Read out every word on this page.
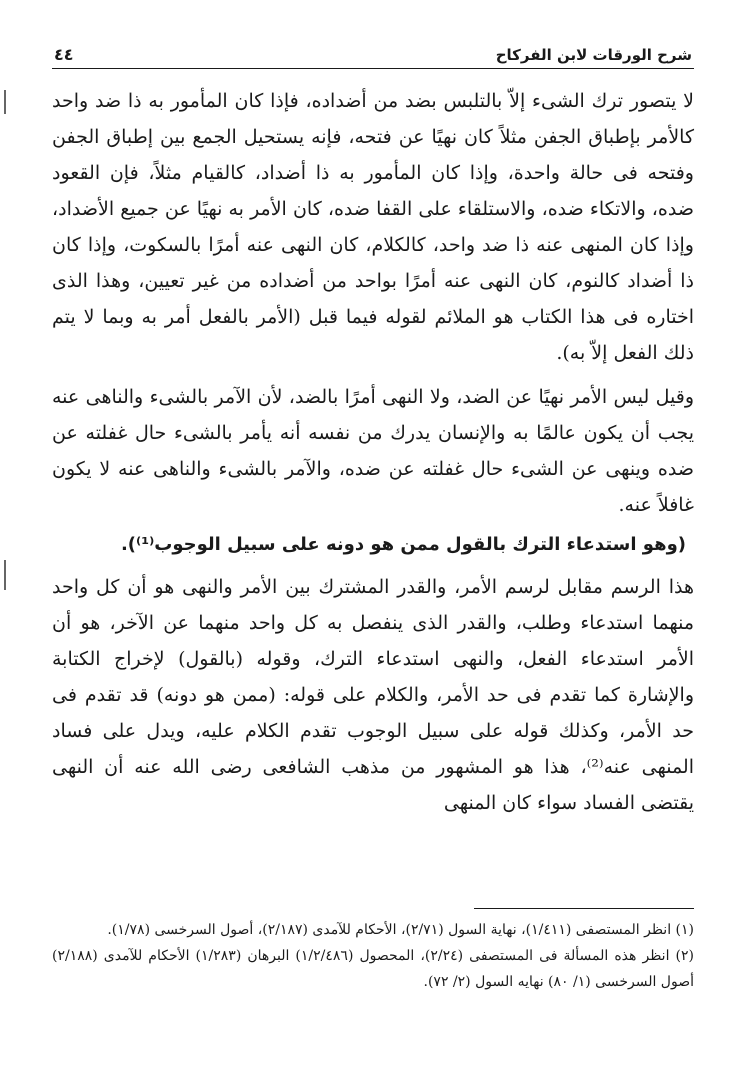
شرح الورقات لابن الفركاح
٤٤

لا يتصور ترك الشىء إلاّ بالتلبس بضد من أضداده، فإذا كان المأمور به ذا ضد واحد كالأمر بإطباق الجفن مثلاً كان نهيًا عن فتحه، فإنه يستحيل الجمع بين إطباق الجفن وفتحه فى حالة واحدة، وإذا كان المأمور به ذا أضداد، كالقيام مثلاً، فإن القعود ضده، والاتكاء ضده، والاستلقاء على القفا ضده، كان الأمر به نهيًا عن جميع الأضداد، وإذا كان المنهى عنه ذا ضد واحد، كالكلام، كان النهى عنه أمرًا بالسكوت، وإذا كان ذا أضداد كالنوم، كان النهى عنه أمرًا بواحد من أضداده من غير تعيين، وهذا الذى اختاره فى هذا الكتاب هو الملائم لقوله فيما قبل (الأمر بالفعل أمر به وبما لا يتم ذلك الفعل إلاّ به).

وقيل ليس الأمر نهيًا عن الضد، ولا النهى أمرًا بالضد، لأن الآمر بالشىء والناهى عنه يجب أن يكون عالمًا به والإنسان يدرك من نفسه أنه يأمر بالشىء حال غفلته عن ضده وينهى عن الشىء حال غفلته عن ضده، والآمر بالشىء والناهى عنه لا يكون غافلاً عنه.

(وهو استدعاء الترك بالقول ممن هو دونه على سبيل الوجوب⁽¹⁾).

هذا الرسم مقابل لرسم الأمر، والقدر المشترك بين الأمر والنهى هو أن كل واحد منهما استدعاء وطلب، والقدر الذى ينفصل به كل واحد منهما عن الآخر، هو أن الأمر استدعاء الفعل، والنهى استدعاء الترك، وقوله (بالقول) لإخراج الكتابة والإشارة كما تقدم فى حد الأمر، والكلام على قوله: (ممن هو دونه) قد تقدم فى حد الأمر، وكذلك قوله على سبيل الوجوب تقدم الكلام عليه، ويدل على فساد المنهى عنه⁽²⁾، هذا هو المشهور من مذهب الشافعى رضى الله عنه أن النهى يقتضى الفساد سواء كان المنهى

(١) انظر المستصفى (١/٤١١)، نهاية السول (٢/٧١)، الأحكام للآمدى (٢/١٨٧)، أصول السرخسى (١/٧٨).

(٢) انظر هذه المسألة فى المستصفى (٢/٢٤)، المحصول (١/٢/٤٨٦) البرهان (١/٢٨٣) الأحكام للآمدى (٢/١٨٨) أصول السرخسى (١/ ٨٠) نهايه السول (٢/ ٧٢).
